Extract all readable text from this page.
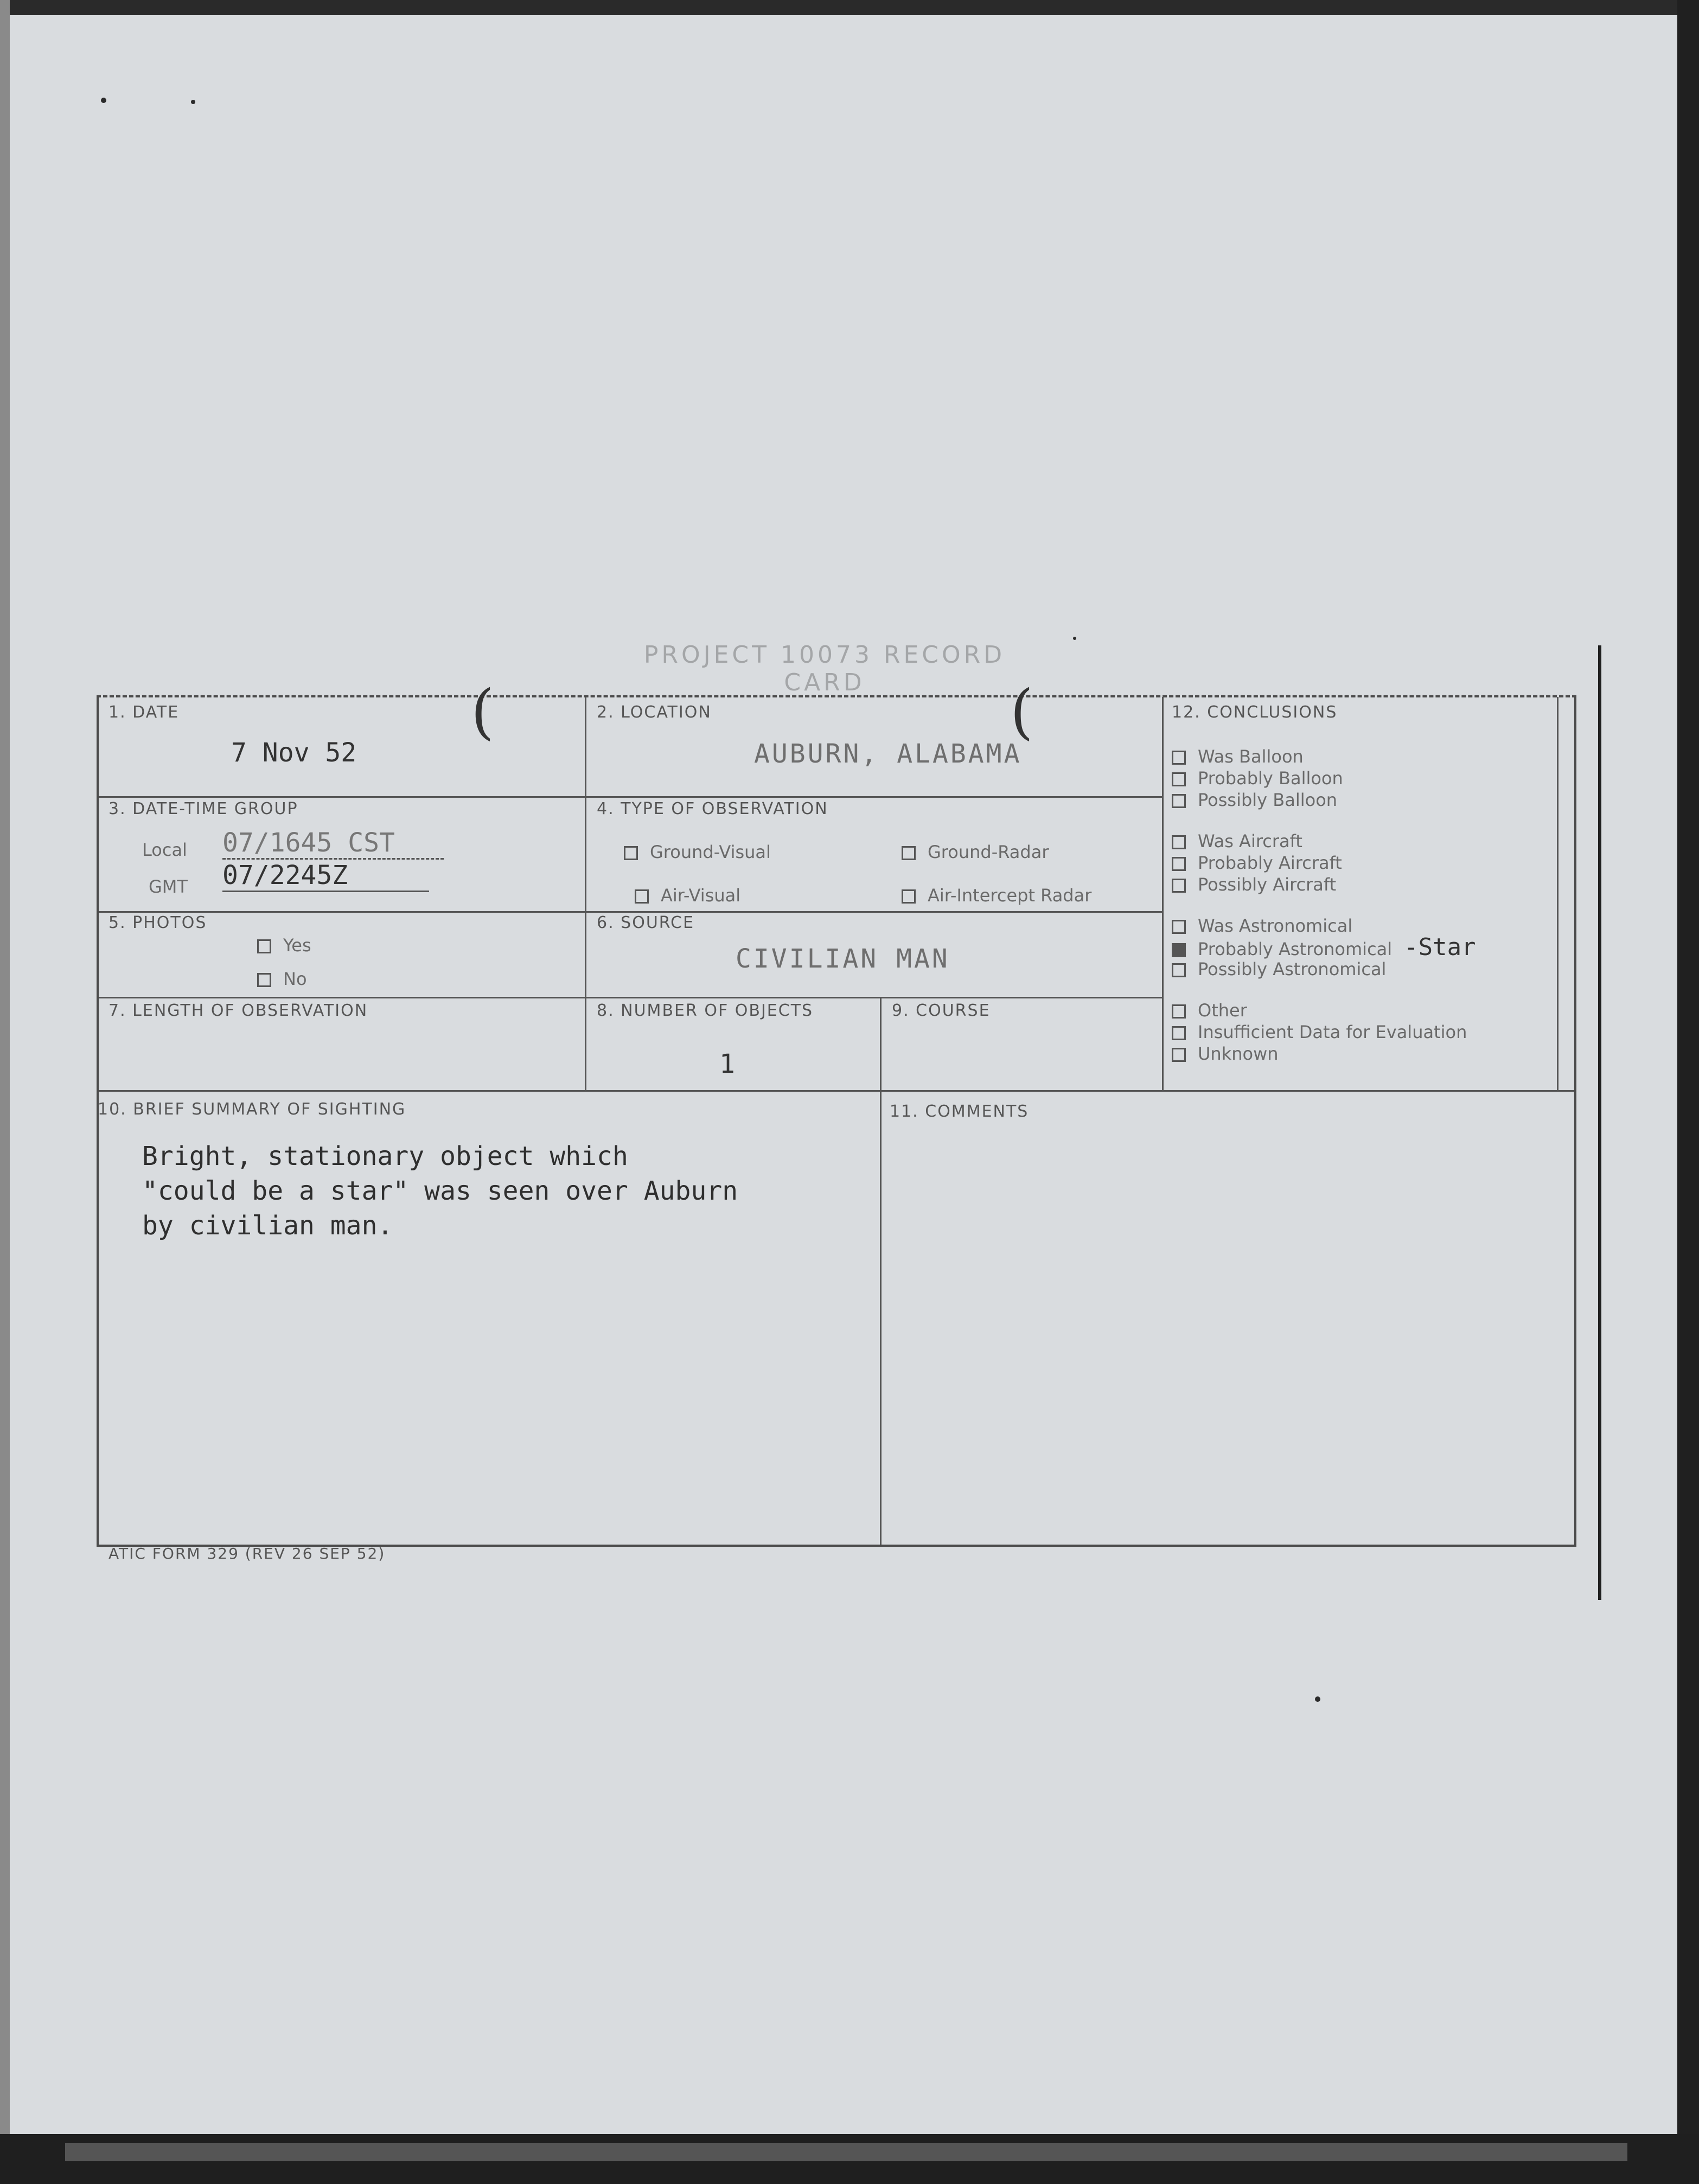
PROJECT 10073 RECORD CARD
(	(
1. DATE
7 Nov 52
2. LOCATION
AUBURN, ALABAMA
3. DATE-TIME GROUP
Local 07/1645 CST
GMT 07/2245Z
4. TYPE OF OBSERVATION
Ground-Visual	Ground-Radar
Air-Visual	Air-Intercept Radar
5. PHOTOS
Yes
No
6. SOURCE
CIVILIAN MAN
7. LENGTH OF OBSERVATION	8. NUMBER OF OBJECTS
1
9. COURSE
10. BRIEF SUMMARY OF SIGHTING
Bright, stationary object which
"could be a star" was seen over Auburn
by civilian man.
11. COMMENTS
12. CONCLUSIONS
Was Balloon
Probably Balloon
Possibly Balloon
Was Aircraft
Probably Aircraft
Possibly Aircraft
Was Astronomical
Probably Astronomical -Star
Possibly Astronomical
Other
Insufficient Data for Evaluation
Unknown
ATIC FORM 329 (REV 26 SEP 52)
